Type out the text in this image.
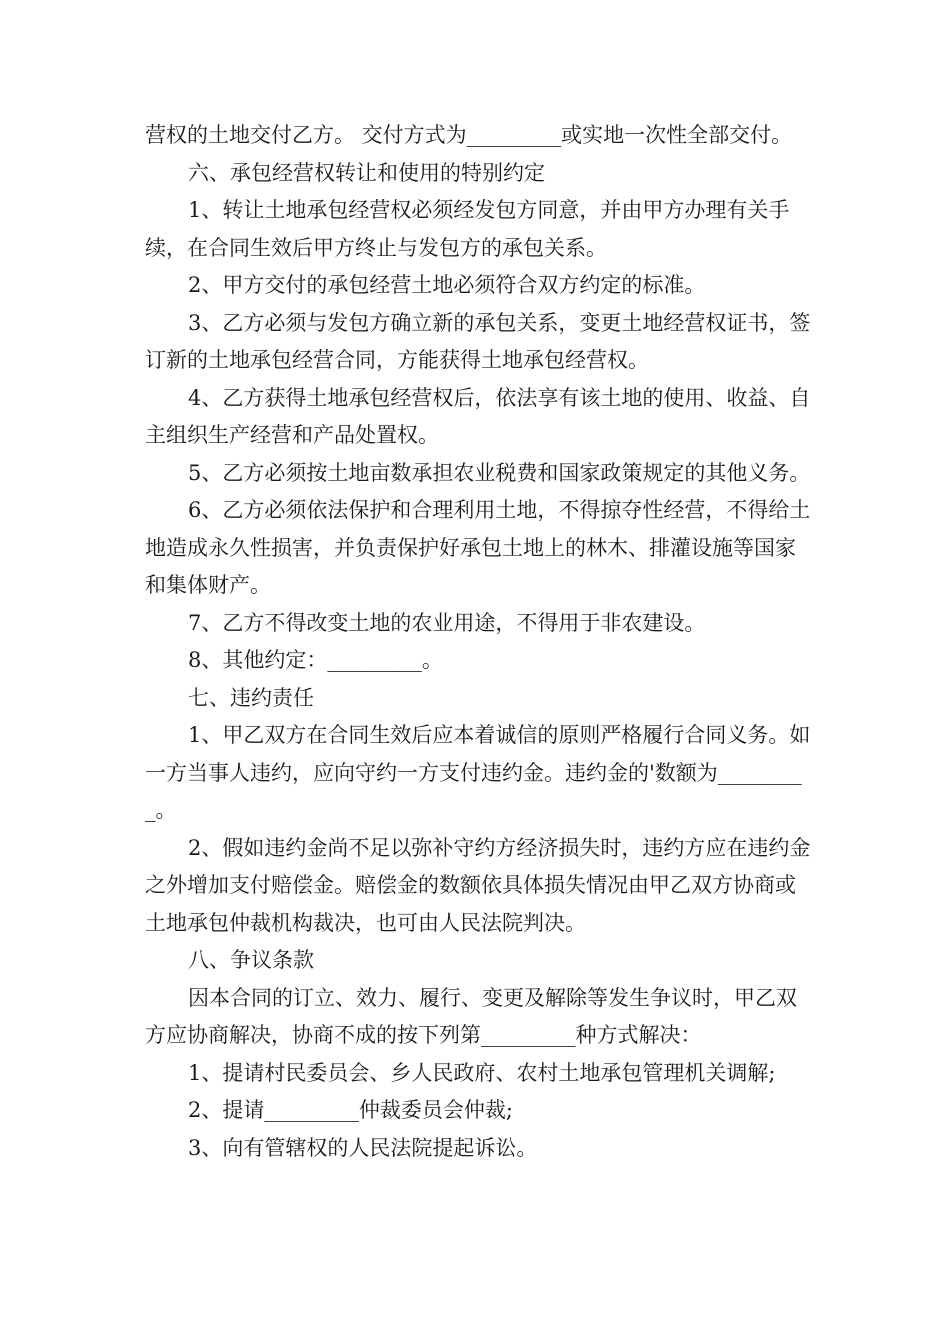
营权的土地交付乙方。 交付方式为_________或实地一次性全部交付。

六、承包经营权转让和使用的特别约定

1、转让土地承包经营权必须经发包方同意，并由甲方办理有关手续，在合同生效后甲方终止与发包方的承包关系。

2、甲方交付的承包经营土地必须符合双方约定的标准。

3、乙方必须与发包方确立新的承包关系，变更土地经营权证书，签订新的土地承包经营合同，方能获得土地承包经营权。

4、乙方获得土地承包经营权后，依法享有该土地的使用、收益、自主组织生产经营和产品处置权。

5、乙方必须按土地亩数承担农业税费和国家政策规定的其他义务。

6、乙方必须依法保护和合理利用土地，不得掠夺性经营，不得给土地造成永久性损害，并负责保护好承包土地上的林木、排灌设施等国家和集体财产。

7、乙方不得改变土地的农业用途，不得用于非农建设。

8、其他约定：_________。

七、违约责任

1、甲乙双方在合同生效后应本着诚信的原则严格履行合同义务。如一方当事人违约，应向守约一方支付违约金。违约金的'数额为_________。

2、假如违约金尚不足以弥补守约方经济损失时，违约方应在违约金之外增加支付赔偿金。赔偿金的数额依具体损失情况由甲乙双方协商或土地承包仲裁机构裁决，也可由人民法院判决。

八、争议条款

因本合同的订立、效力、履行、变更及解除等发生争议时，甲乙双方应协商解决，协商不成的按下列第_________种方式解决：

1、提请村民委员会、乡人民政府、农村土地承包管理机关调解;

2、提请_________仲裁委员会仲裁;

3、向有管辖权的人民法院提起诉讼。
